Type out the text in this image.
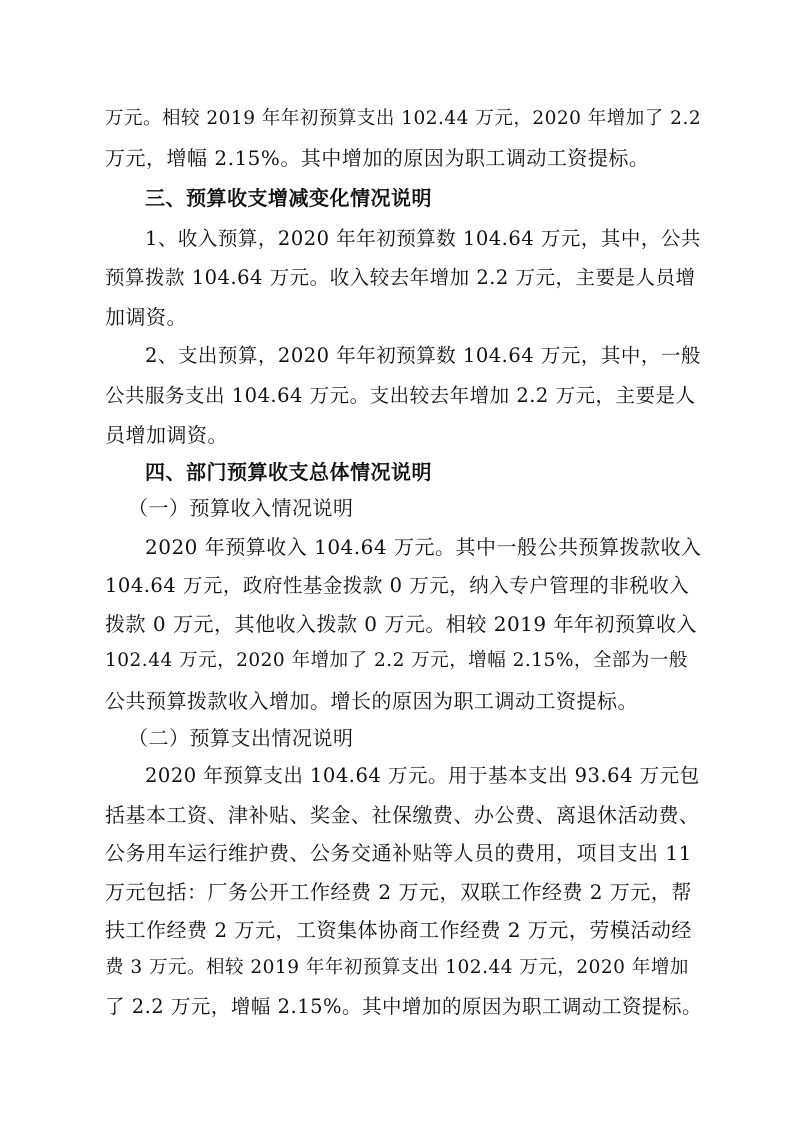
万元。相较 2019 年年初预算支出 102.44 万元，2020 年增加了 2.2
万元，增幅 2.15%。其中增加的原因为职工调动工资提标。
三、预算收支增减变化情况说明
1、收入预算，2020 年年初预算数 104.64 万元，其中，公共
预算拨款 104.64 万元。收入较去年增加 2.2 万元，主要是人员增
加调资。
2、支出预算，2020 年年初预算数 104.64 万元，其中，一般
公共服务支出 104.64 万元。支出较去年增加 2.2 万元，主要是人
员增加调资。
四、部门预算收支总体情况说明
（一）预算收入情况说明
2020 年预算收入 104.64 万元。其中一般公共预算拨款收入
104.64 万元，政府性基金拨款 0 万元，纳入专户管理的非税收入
拨款 0 万元，其他收入拨款 0 万元。相较 2019 年年初预算收入
102.44 万元，2020 年增加了 2.2 万元，增幅 2.15%，全部为一般
公共预算拨款收入增加。增长的原因为职工调动工资提标。
（二）预算支出情况说明
2020 年预算支出 104.64 万元。用于基本支出 93.64 万元包
括基本工资、津补贴、奖金、社保缴费、办公费、离退休活动费、
公务用车运行维护费、公务交通补贴等人员的费用，项目支出 11
万元包括：厂务公开工作经费 2 万元，双联工作经费 2 万元，帮
扶工作经费 2 万元，工资集体协商工作经费 2 万元，劳模活动经
费 3 万元。相较 2019 年年初预算支出 102.44 万元，2020 年增加
了 2.2 万元，增幅 2.15%。其中增加的原因为职工调动工资提标。
